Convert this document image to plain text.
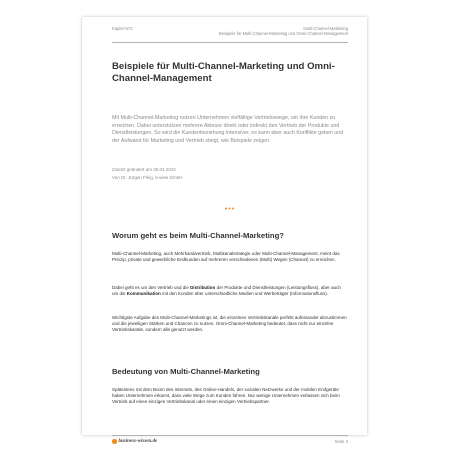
Kapitel 672	Multi-Channel-Marketing
Beispiele für Multi-Channel-Marketing und Omni-Channel-Management
Beispiele für Multi-Channel-Marketing und Omni-Channel-Management

Mit Multi-Channel-Marketing nutzen Unternehmen vielfältige Vertriebswege, um ihre Kunden zu erreichen. Dabei unterstützen mehrere Akteure direkt oder indirekt den Vertrieb der Produkte und Dienstleistungen. So wird die Kundenbeziehung intensiver, es kann aber auch Konflikte geben und der Aufwand für Marketing und Vertrieb steigt, wie Beispiele zeigen.

Zuletzt geändert am 30.04.2024
Von Dr. Jürgen Fleig, b-wise GmbH
•••
Worum geht es beim Multi-Channel-Marketing?

Multi-Channel-Marketing, auch Mehrkanalvertrieb, Multikanalstrategie oder Multi-Channel-Management, meint das Prinzip, private und gewerbliche Endkunden auf mehreren verschiedenen (Multi) Wegen (Channel) zu erreichen.

Dabei geht es um den Vertrieb und die Distribution der Produkte und Dienstleistungen (Leistungsfluss), aber auch um die Kommunikation mit den Kunden über unterschiedliche Medien und Werbeträger (Informationsfluss).

Wichtigste Aufgabe des Multi-Channel-Marketings ist, die einzelnen Vertriebskanäle perfekt aufeinander abzustimmen und die jeweiligen Stärken und Chancen zu nutzen. Omni-Channel-Marketing bedeutet, dass nicht nur einzelne Vertriebskanäle, sondern alle genutzt werden.

Bedeutung von Multi-Channel-Marketing

Spätestens mit dem Boom des Internets, des Online-Handels, der sozialen Netzwerke und der mobilen Endgeräte haben Unternehmen erkannt, dass viele Wege zum Kunden führen. Nur wenige Unternehmen verlassen sich beim Vertrieb auf einen einzigen Vertriebskanal oder einen einzigen Vertriebspartner.

business-wissen.de	Seite 2
